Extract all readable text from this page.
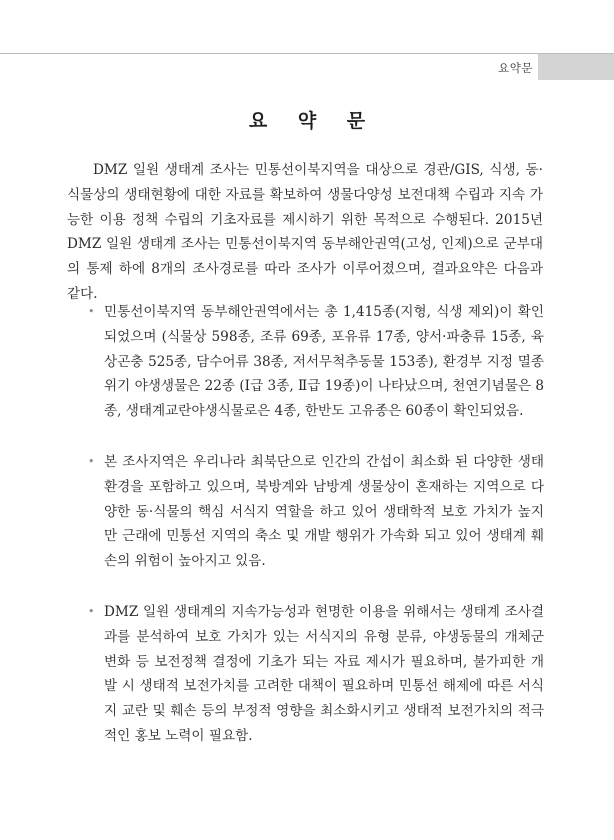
요약문
요 약 문

DMZ 일원 생태계 조사는 민통선이북지역을 대상으로 경관/GIS, 식생, 동·식물상의 생태현황에 대한 자료를 확보하여 생물다양성 보전대책 수립과 지속 가능한 이용 정책 수립의 기초자료를 제시하기 위한 목적으로 수행된다. 2015년 DMZ 일원 생태계 조사는 민통선이북지역 동부해안권역(고성, 인제)으로 군부대의 통제 하에 8개의 조사경로를 따라 조사가 이루어졌으며, 결과요약은 다음과 같다.

• 민통선이북지역 동부해안권역에서는 총 1,415종(지형, 식생 제외)이 확인되었으며 (식물상 598종, 조류 69종, 포유류 17종, 양서·파충류 15종, 육상곤충 525종, 담수어류 38종, 저서무척추동물 153종), 환경부 지정 멸종위기 야생생물은 22종 (Ⅰ급 3종, Ⅱ급 19종)이 나타났으며, 천연기념물은 8종, 생태계교란야생식물로은 4종, 한반도 고유종은 60종이 확인되었음.
• 본 조사지역은 우리나라 최북단으로 인간의 간섭이 최소화 된 다양한 생태환경을 포함하고 있으며, 북방계와 남방계 생물상이 혼재하는 지역으로 다양한 동·식물의 핵심 서식지 역할을 하고 있어 생태학적 보호 가치가 높지만 근래에 민통선 지역의 축소 및 개발 행위가 가속화 되고 있어 생태계 훼손의 위험이 높아지고 있음.
• DMZ 일원 생태계의 지속가능성과 현명한 이용을 위해서는 생태계 조사결과를 분석하여 보호 가치가 있는 서식지의 유형 분류, 야생동물의 개체군 변화 등 보전정책 결정에 기초가 되는 자료 제시가 필요하며, 불가피한 개발 시 생태적 보전가치를 고려한 대책이 필요하며 민통선 해제에 따른 서식지 교란 및 훼손 등의 부정적 영향을 최소화시키고 생태적 보전가치의 적극적인 홍보 노력이 필요함.
